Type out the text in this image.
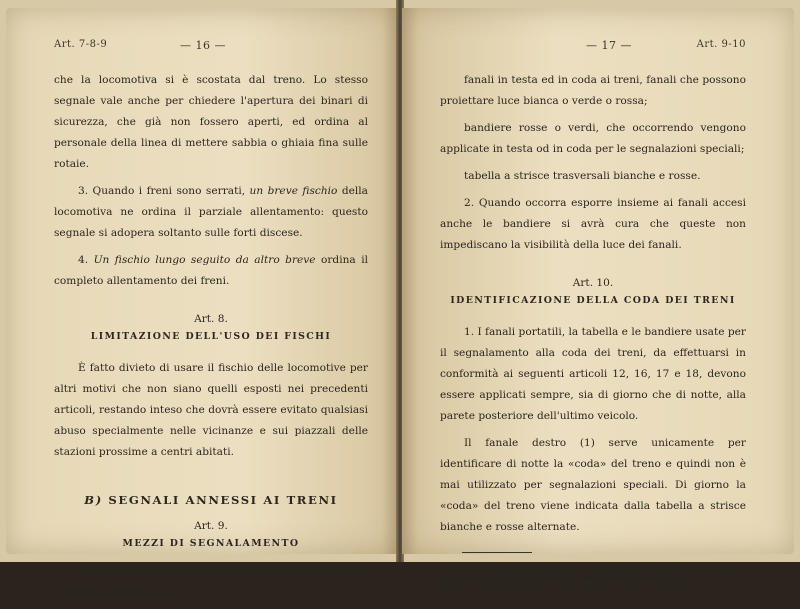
Art. 7-8-9	— 16 —

che la locomotiva si è scostata dal treno. Lo stesso segnale vale anche per chiedere l'apertura dei binari di sicurezza, che già non fossero aperti, ed ordina al personale della linea di mettere sabbia o ghiaia fina sulle rotaie.

3. Quando i freni sono serrati, un breve fischio della locomotiva ne ordina il parziale allentamento: questo segnale si adopera soltanto sulle forti discese.

4. Un fischio lungo seguito da altro breve ordina il completo allentamento dei freni.

Art. 8.
LIMITAZIONE DELL'USO DEI FISCHI

È fatto divieto di usare il fischio delle locomotive per altri motivi che non siano quelli esposti nei precedenti articoli, restando inteso che dovrà essere evitato qualsiasi abuso specialmente nelle vicinanze e sui piazzali delle stazioni prossime a centri abitati.

B) SEGNALI ANNESSI AI TRENI
Art. 9.
MEZZI DI SEGNALAMENTO

1. I mezzi di segnalamento in testa o in coda ai treni od alle locomotive sono:

— 17 —	Art. 9-10

fanali in testa ed in coda ai treni, fanali che possono proiettare luce bianca o verde o rossa;

bandiere rosse o verdi, che occorrendo vengono applicate in testa od in coda per le segnalazioni speciali;

tabella a strisce trasversali bianche e rosse.

2. Quando occorra esporre insieme ai fanali accesi anche le bandiere si avrà cura che queste non impediscano la visibilità della luce dei fanali.

Art. 10.
IDENTIFICAZIONE DELLA CODA DEI TRENI

1. I fanali portatili, la tabella e le bandiere usate per il segnalamento alla coda dei treni, da effettuarsi in conformità ai seguenti articoli 12, 16, 17 e 18, devono essere applicati sempre, sia di giorno che di notte, alla parete posteriore dell'ultimo veicolo.

Il fanale destro (1) serve unicamente per identificare di notte la «coda» del treno e quindi non è mai utilizzato per segnalazioni speciali. Di giorno la «coda» del treno viene indicata dalla tabella a strisce bianche e rosse alternate.

(1) Si indica con destro o sinistro il fanale che si trova a destra od a sinistra del treno nel senso della corsa.

2
